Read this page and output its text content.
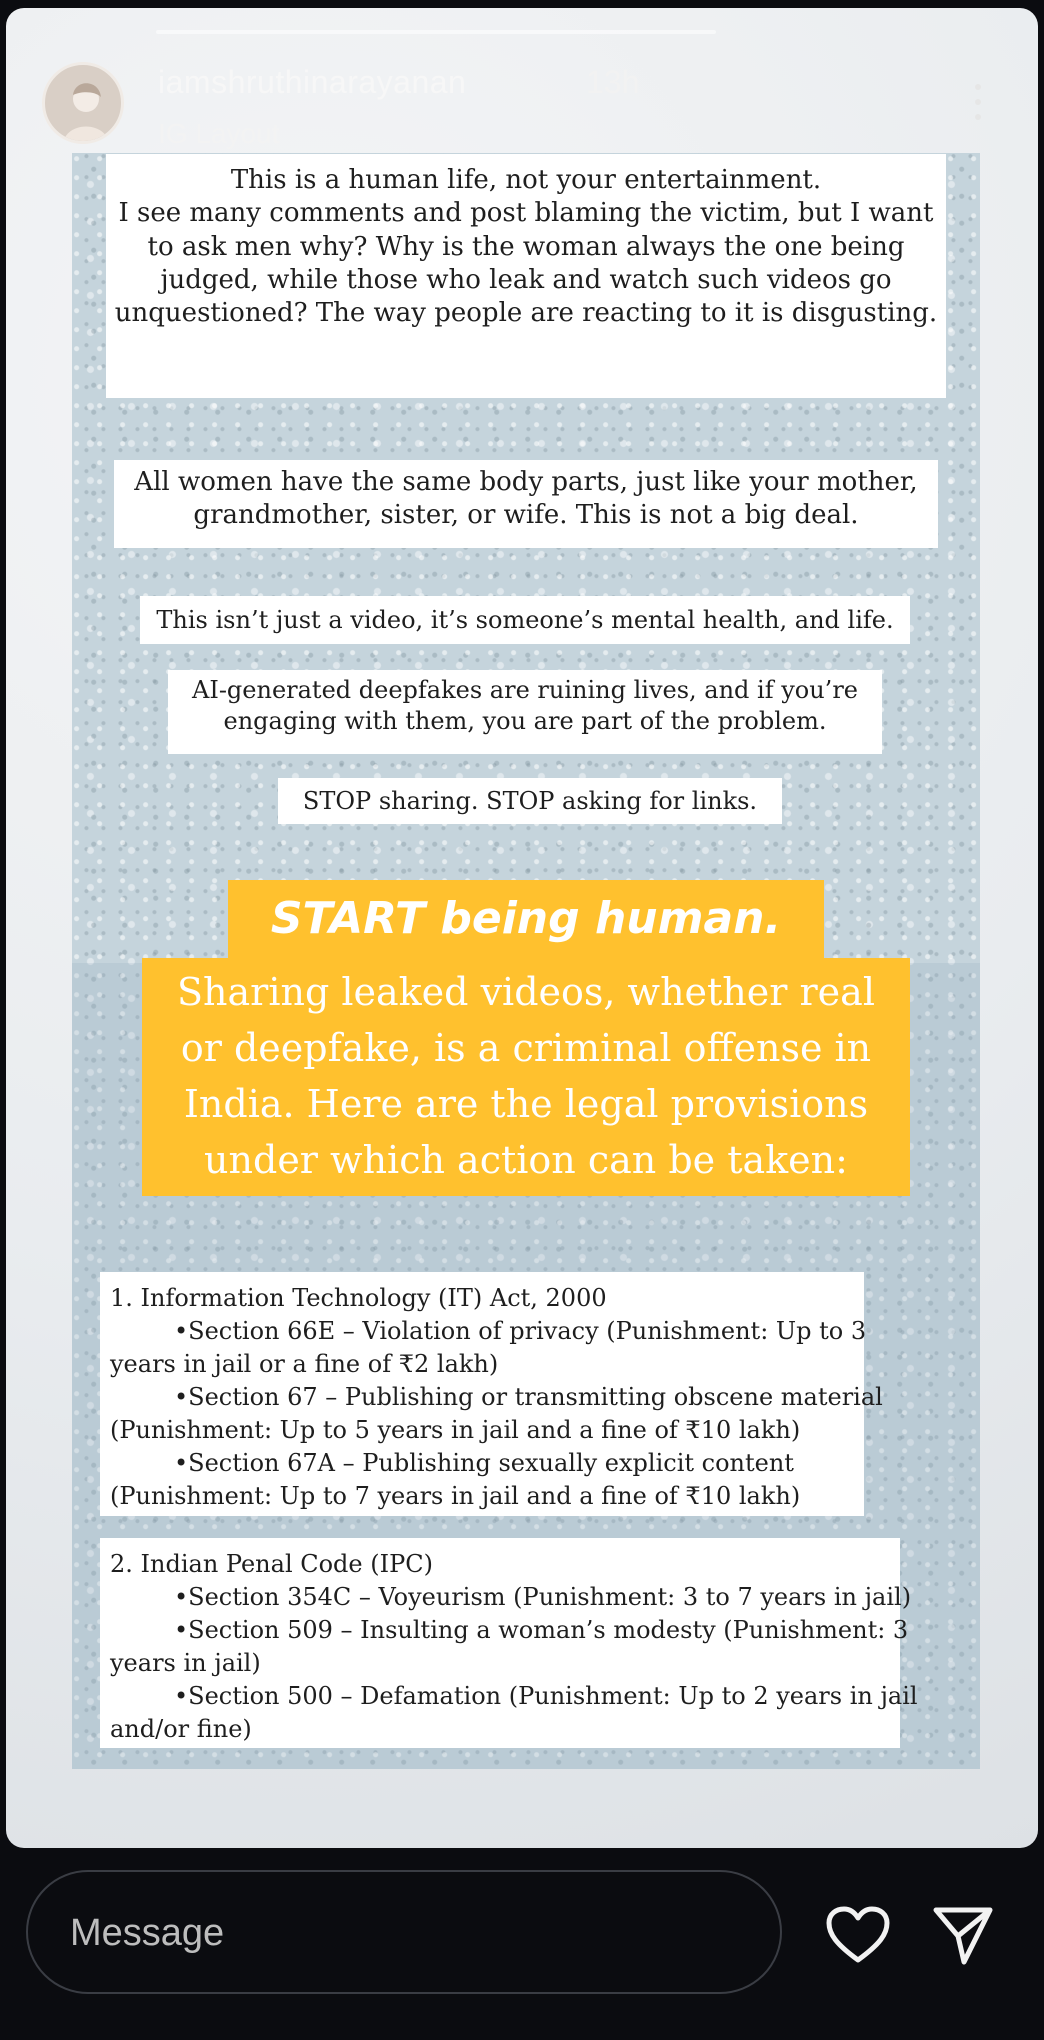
iamshruthinarayanan	13h
IG Layout
This is a human life, not your entertainment.
I see many comments and post blaming the victim, but I want to ask men why? Why is the woman always the one being judged, while those who leak and watch such videos go unquestioned? The way people are reacting to it is disgusting.
All women have the same body parts, just like your mother, grandmother, sister, or wife. This is not a big deal.
This isn’t just a video, it’s someone’s mental health, and life.
AI-generated deepfakes are ruining lives, and if you’re engaging with them, you are part of the problem.
STOP sharing. STOP asking for links.
START being human.
Sharing leaked videos, whether real or deepfake, is a criminal offense in India. Here are the legal provisions under which action can be taken:
1. Information Technology (IT) Act, 2000
•Section 66E – Violation of privacy (Punishment: Up to 3
years in jail or a fine of ₹2 lakh)
•Section 67 – Publishing or transmitting obscene material
(Punishment: Up to 5 years in jail and a fine of ₹10 lakh)
•Section 67A – Publishing sexually explicit content
(Punishment: Up to 7 years in jail and a fine of ₹10 lakh)
2. Indian Penal Code (IPC)
•Section 354C – Voyeurism (Punishment: 3 to 7 years in jail)
•Section 509 – Insulting a woman’s modesty (Punishment: 3
years in jail)
•Section 500 – Defamation (Punishment: Up to 2 years in jail
and/or fine)
Message
